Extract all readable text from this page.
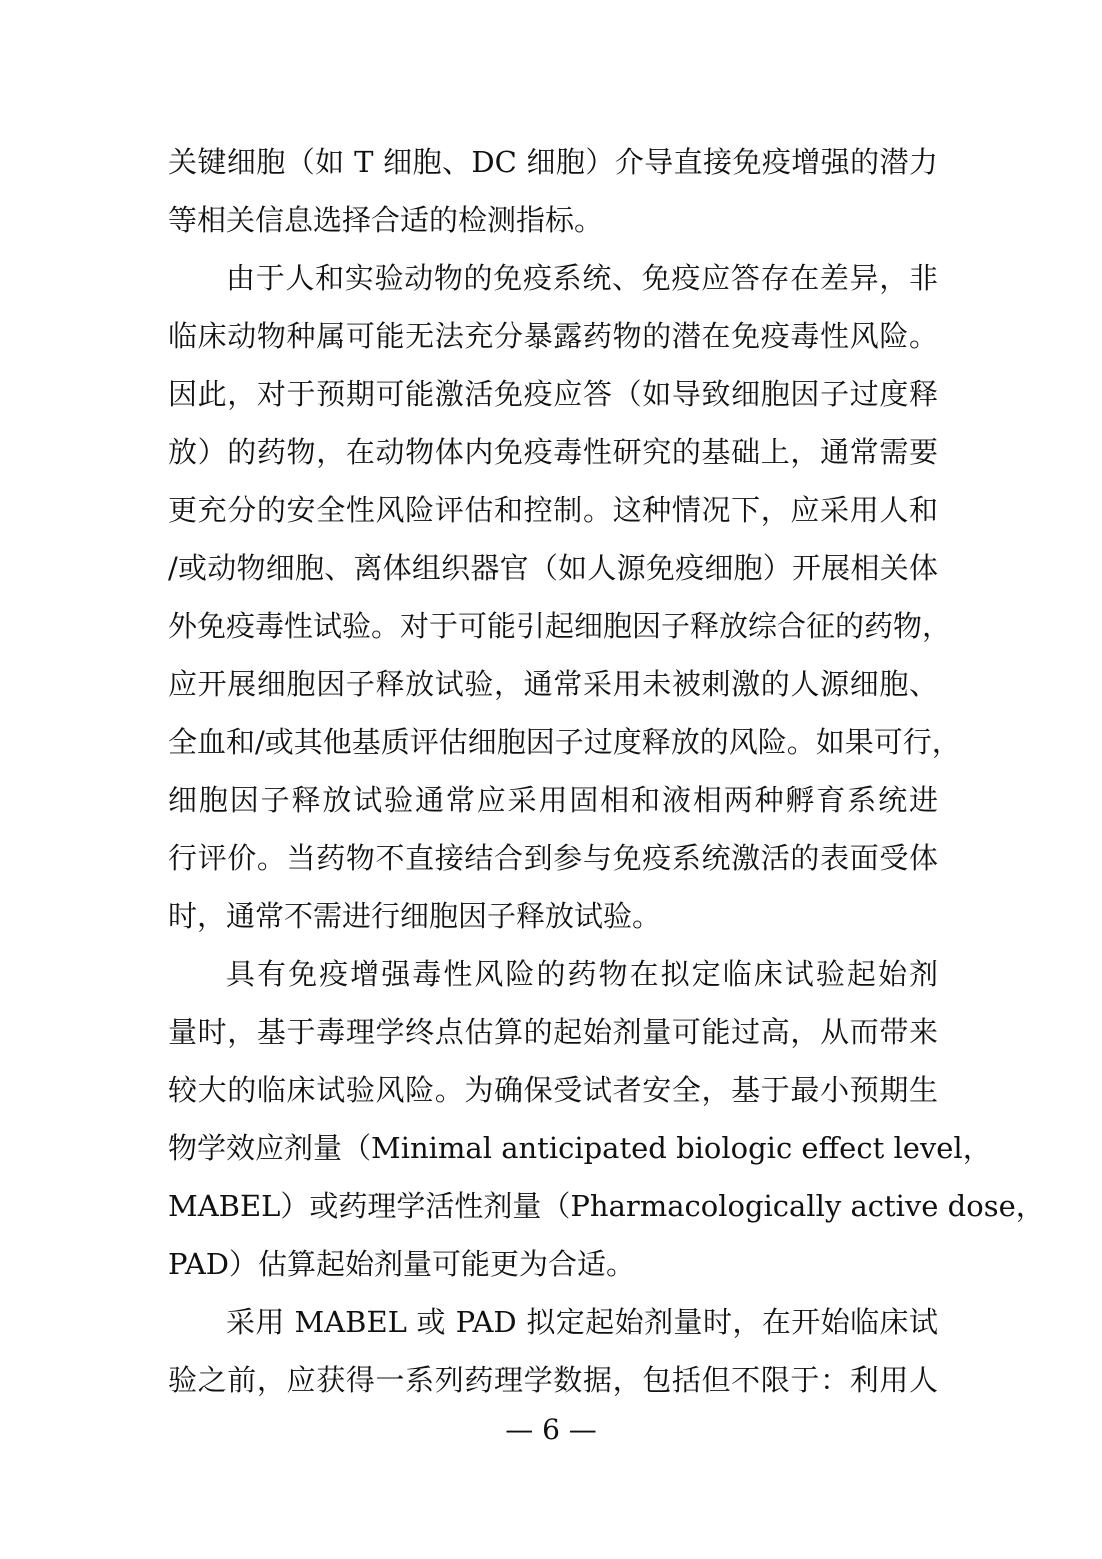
关键细胞（如 T 细胞、DC 细胞）介导直接免疫增强的潜力
等相关信息选择合适的检测指标。
由于人和实验动物的免疫系统、免疫应答存在差异，非
临床动物种属可能无法充分暴露药物的潜在免疫毒性风险。
因此，对于预期可能激活免疫应答（如导致细胞因子过度释
放）的药物，在动物体内免疫毒性研究的基础上，通常需要
更充分的安全性风险评估和控制。这种情况下，应采用人和
/或动物细胞、离体组织器官（如人源免疫细胞）开展相关体
外免疫毒性试验。对于可能引起细胞因子释放综合征的药物，
应开展细胞因子释放试验，通常采用未被刺激的人源细胞、
全血和/或其他基质评估细胞因子过度释放的风险。如果可行，
细胞因子释放试验通常应采用固相和液相两种孵育系统进
行评价。当药物不直接结合到参与免疫系统激活的表面受体
时，通常不需进行细胞因子释放试验。
具有免疫增强毒性风险的药物在拟定临床试验起始剂
量时，基于毒理学终点估算的起始剂量可能过高，从而带来
较大的临床试验风险。为确保受试者安全，基于最小预期生
物学效应剂量（Minimal anticipated biologic effect level，
MABEL）或药理学活性剂量（Pharmacologically active dose，
PAD）估算起始剂量可能更为合适。
采用 MABEL 或 PAD 拟定起始剂量时，在开始临床试
验之前，应获得一系列药理学数据，包括但不限于：利用人
— 6 —
